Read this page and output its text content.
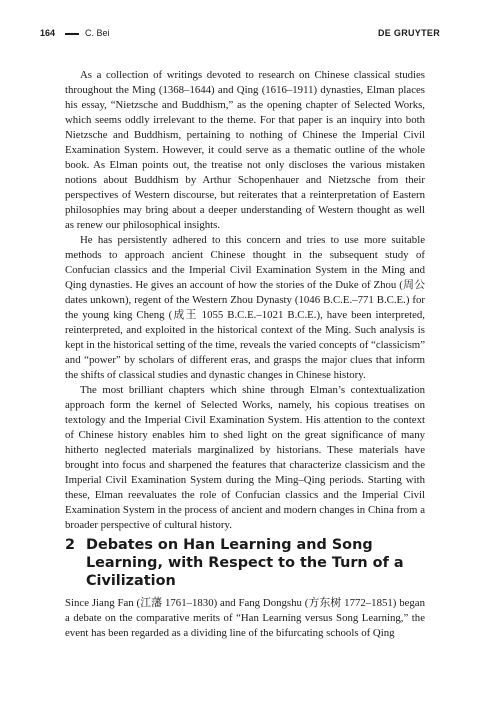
164	C. Bei	DE GRUYTER

As a collection of writings devoted to research on Chinese classical studies throughout the Ming (1368–1644) and Qing (1616–1911) dynasties, Elman places his essay, “Nietzsche and Buddhism,” as the opening chapter of Selected Works, which seems oddly irrelevant to the theme. For that paper is an inquiry into both Nietzsche and Buddhism, pertaining to nothing of Chinese the Imperial Civil Examination System. However, it could serve as a thematic outline of the whole book. As Elman points out, the treatise not only discloses the various mistaken notions about Buddhism by Arthur Schopenhauer and Nietzsche from their perspectives of Western discourse, but reiterates that a reinterpretation of Eastern philosophies may bring about a deeper understanding of Western thought as well as renew our philosophical insights.

He has persistently adhered to this concern and tries to use more suitable methods to approach ancient Chinese thought in the subsequent study of Confucian classics and the Imperial Civil Examination System in the Ming and Qing dynasties. He gives an account of how the stories of the Duke of Zhou (周公 dates unkown), regent of the Western Zhou Dynasty (1046 B.C.E.–771 B.C.E.) for the young king Cheng (成王 1055 B.C.E.–1021 B.C.E.), have been interpreted, reinterpreted, and exploited in the historical context of the Ming. Such analysis is kept in the historical setting of the time, reveals the varied concepts of “classicism” and “power” by scholars of different eras, and grasps the major clues that inform the shifts of classical studies and dynastic changes in Chinese history.

The most brilliant chapters which shine through Elman’s contextualization approach form the kernel of Selected Works, namely, his copious treatises on textology and the Imperial Civil Examination System. His attention to the context of Chinese history enables him to shed light on the great significance of many hitherto neglected materials marginalized by historians. These materials have brought into focus and sharpened the features that characterize classicism and the Imperial Civil Examination System during the Ming–Qing periods. Starting with these, Elman reevaluates the role of Confucian classics and the Imperial Civil Examination System in the process of ancient and modern changes in China from a broader perspective of cultural history.

2 Debates on Han Learning and Song Learning, with Respect to the Turn of a Civilization

Since Jiang Fan (江藩 1761–1830) and Fang Dongshu (方东树 1772–1851) began a debate on the comparative merits of “Han Learning versus Song Learning,” the event has been regarded as a dividing line of the bifurcating schools of Qing
